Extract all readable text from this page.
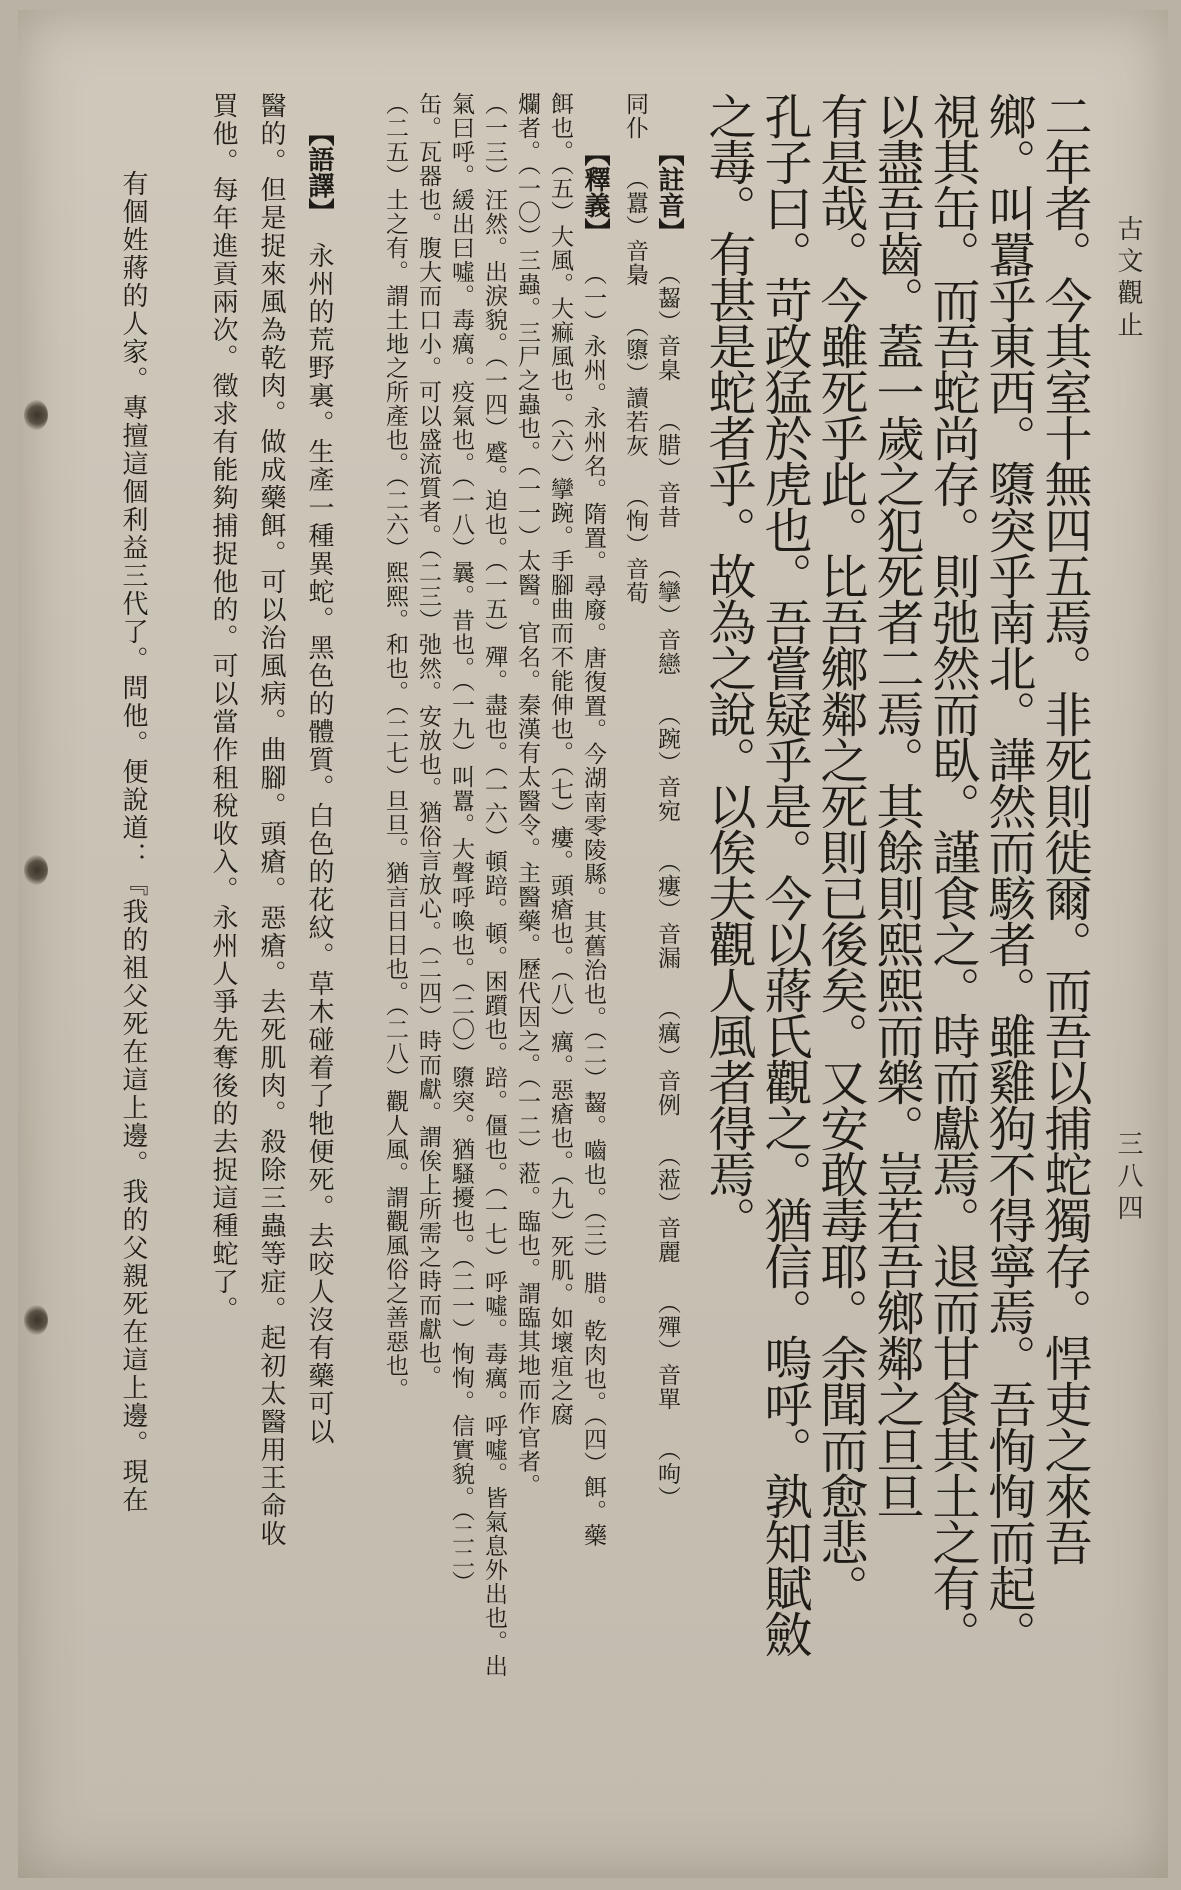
古文觀止
三八四
二年者。今其室十無四五焉。非死則徙爾。而吾以捕蛇獨存。悍吏之來吾
鄉。叫囂乎東西。隳突乎南北。譁然而駭者。雖雞狗不得寧焉。吾恂恂而起。
視其缶。而吾蛇尚存。則弛然而臥。謹食之。時而獻焉。退而甘食其土之有。
以盡吾齒。蓋一歲之犯死者二焉。其餘則熙熙而樂。豈若吾鄉鄰之旦旦
有是哉。今雖死乎此。比吾鄉鄰之死則已後矣。又安敢毒耶。余聞而愈悲。
孔子曰。苛政猛於虎也。吾嘗疑乎是。今以蔣氏觀之。猶信。嗚呼。孰知賦斂
之毒。有甚是蛇者乎。故為之說。以俟夫觀人風者得焉。
【註音】
（齧）音臬 （腊）音昔 （攣）音戀 （踠）音宛 （瘻）音漏 （癘）音例 （蒞）音麗 （殫）音單 （呴）
同仆 （囂）音梟 （隳）讀若灰 （恂）音荀
【釋義】
（一）永州。永州名。隋置。尋廢。唐復置。今湖南零陵縣。其舊治也。（二）齧。嚙也。（三）腊。乾肉也。（四）餌。藥
餌也。（五）大風。大痲風也。（六）攣踠。手腳曲而不能伸也。（七）瘻。頭瘡也。（八）癘。惡瘡也。（九）死肌。如壞疽之腐
爛者。（一〇）三蟲。三尸之蟲也。（一一）太醫。官名。秦漢有太醫令。主醫藥。歷代因之。（一二）蒞。臨也。謂臨其地而作官者。
（一三）汪然。出淚貌。（一四）蹙。迫也。（一五）殫。盡也。（一六）頓踣。頓。困躓也。踣。僵也。（一七）呼噓。毒癘。呼噓。皆氣息外出也。出
氣曰呼。緩出曰噓。毒癘。疫氣也。（一八）曩。昔也。（一九）叫囂。大聲呼喚也。（二〇）隳突。猶騷擾也。（二一）恂恂。信實貌。（二二）
缶。瓦器也。腹大而口小。可以盛流質者。（二三）弛然。安放也。猶俗言放心。（二四）時而獻。謂俟上所需之時而獻也。
（二五）土之有。謂土地之所產也。（二六）熙熙。和也。（二七）旦旦。猶言日日也。（二八）觀人風。謂觀風俗之善惡也。
【語譯】
永州的荒野裏。生產一種異蛇。黑色的體質。白色的花紋。草木碰着了牠便死。去咬人沒有藥可以
醫的。但是捉來風為乾肉。做成藥餌。可以治風病。曲腳。頭瘡。惡瘡。去死肌肉。殺除三蟲等症。起初太醫用王命收
買他。每年進貢兩次。徵求有能夠捕捉他的。可以當作租稅收入。永州人爭先奪後的去捉這種蛇了。
有個姓蔣的人家。專擅這個利益三代了。問他。便說道：『我的祖父死在這上邊。我的父親死在這上邊。現在
